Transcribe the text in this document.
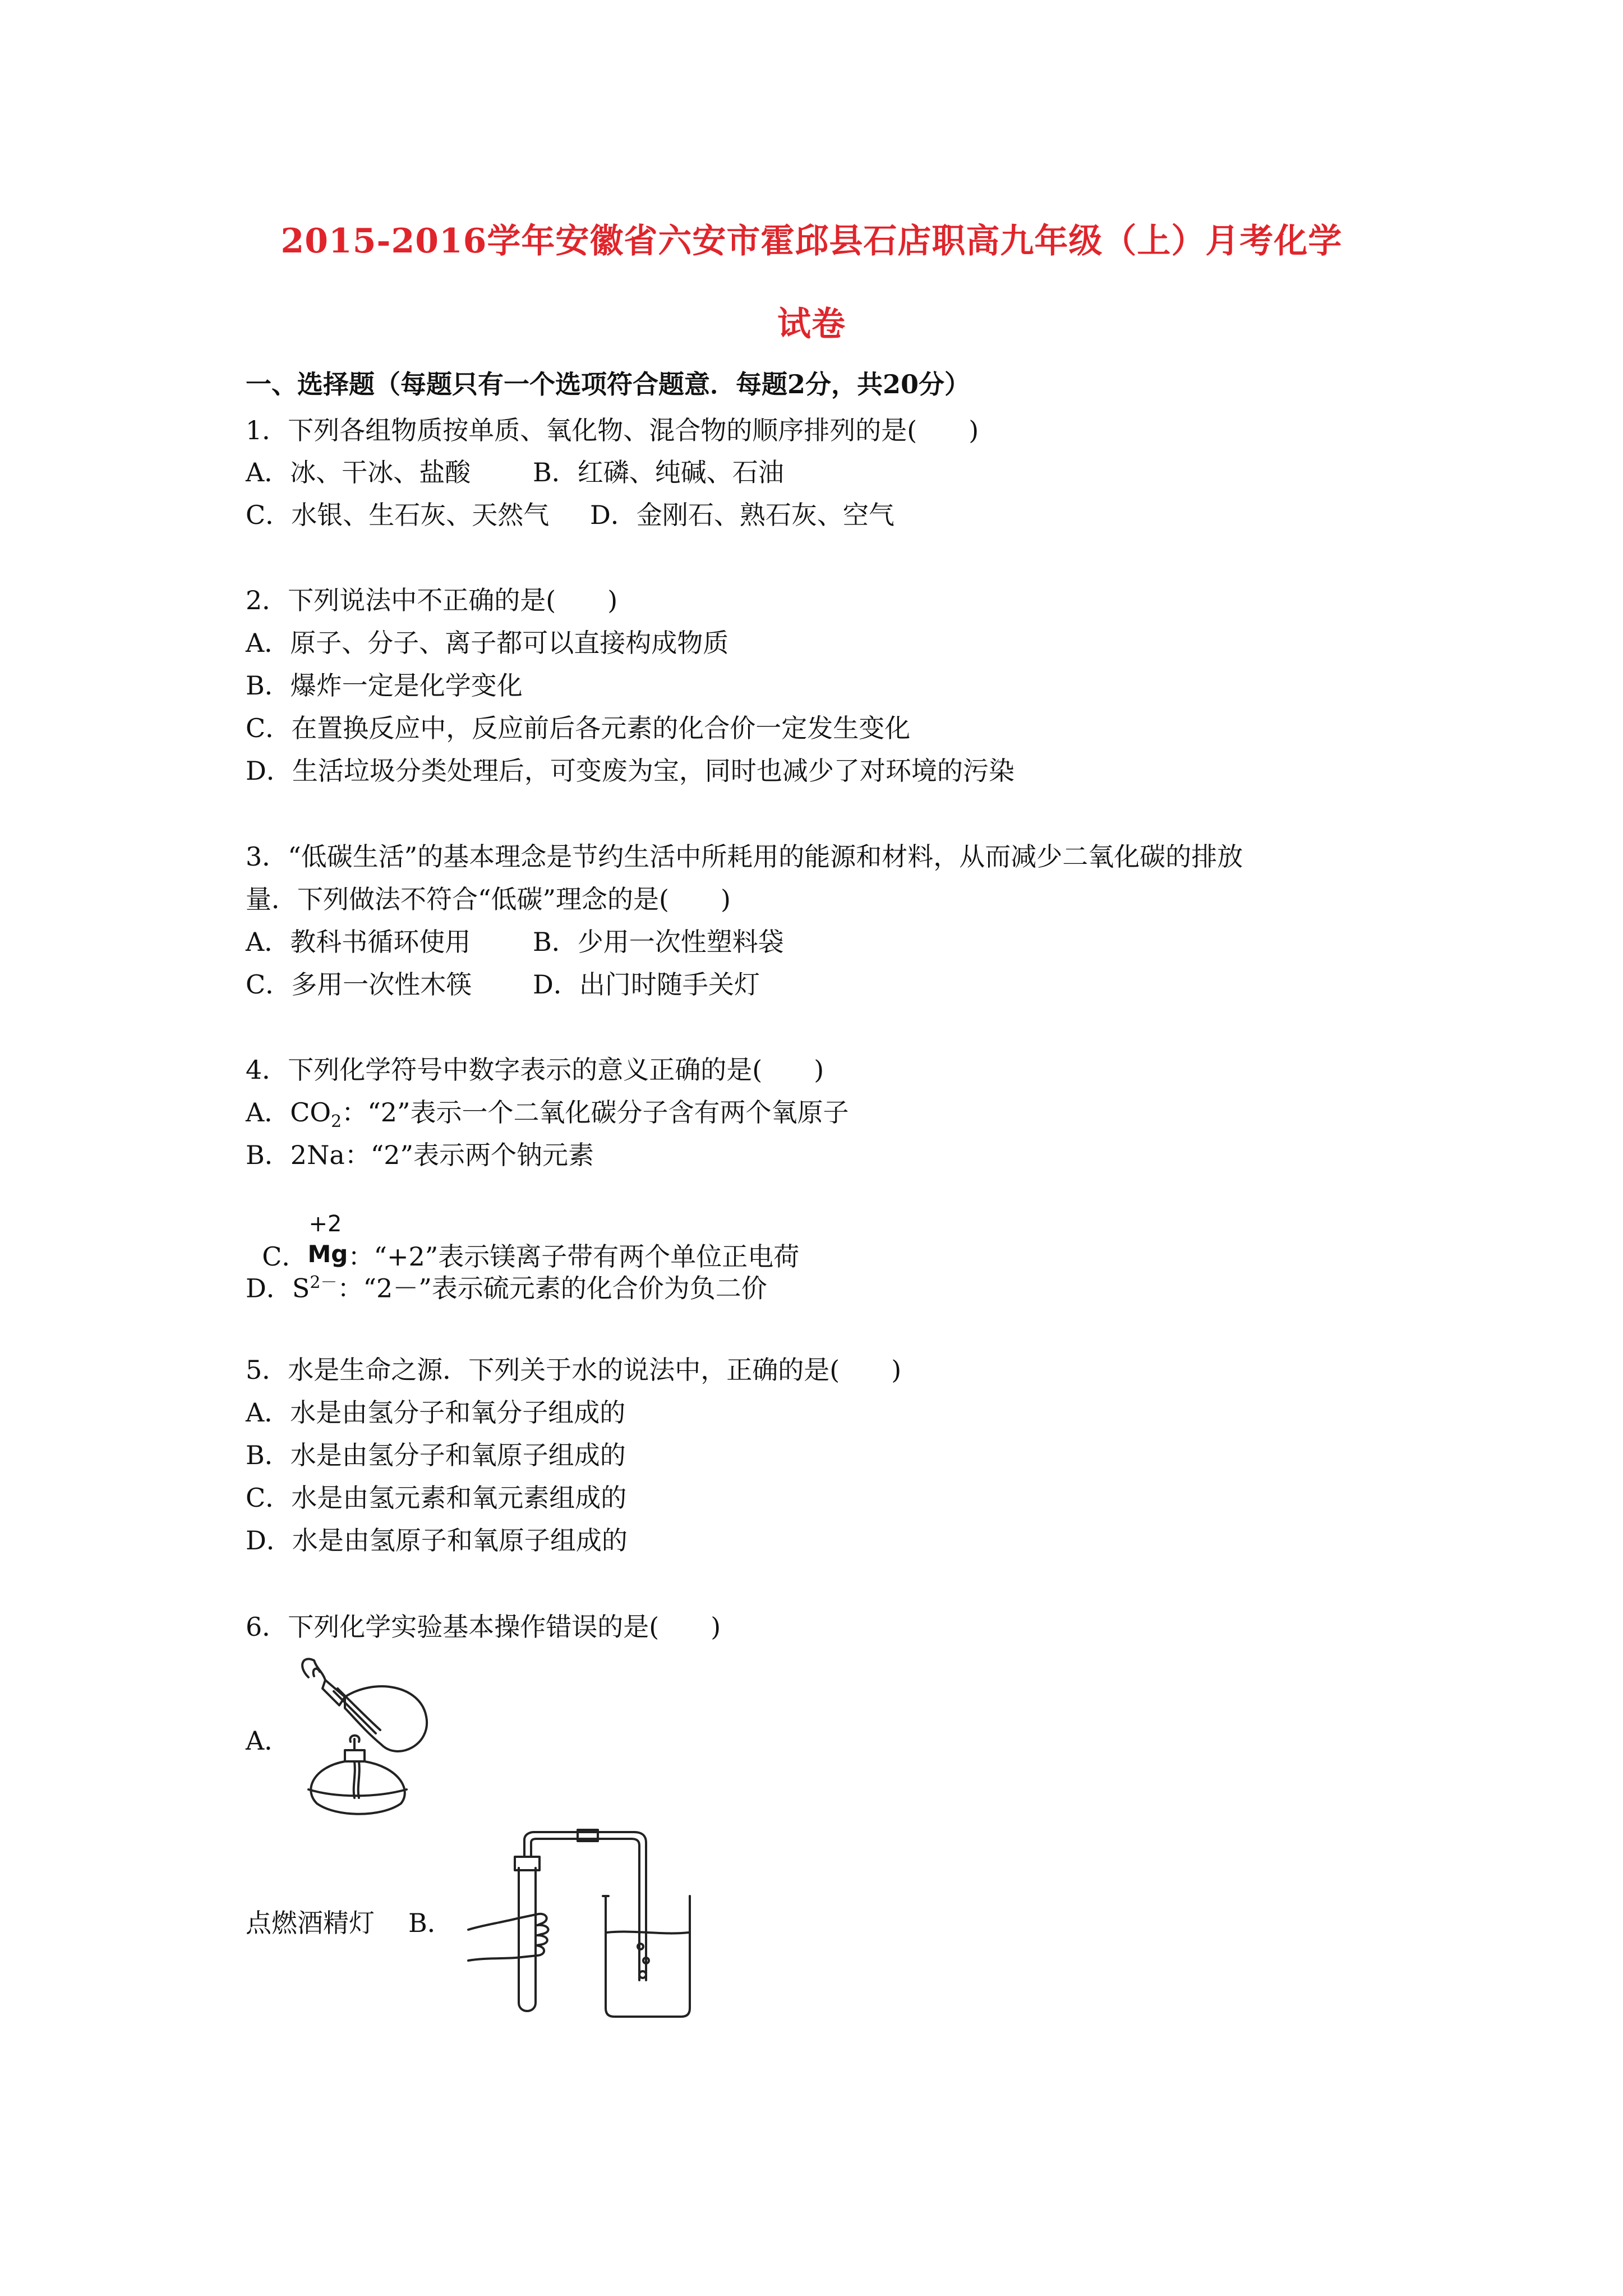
2015-2016学年安徽省六安市霍邱县石店职高九年级（上）月考化学
试卷
一、选择题（每题只有一个选项符合题意．每题2分，共20分）
1．下列各组物质按单质、氧化物、混合物的顺序排列的是(　　)
A．冰、干冰、盐酸 B．红磷、纯碱、石油
C．水银、生石灰、天然气 D．金刚石、熟石灰、空气
2．下列说法中不正确的是(　　)
A．原子、分子、离子都可以直接构成物质
B．爆炸一定是化学变化
C．在置换反应中，反应前后各元素的化合价一定发生变化
D．生活垃圾分类处理后，可变废为宝，同时也减少了对环境的污染
3．“低碳生活”的基本理念是节约生活中所耗用的能源和材料，从而减少二氧化碳的排放
量．下列做法不符合“低碳”理念的是(　　)
A．教科书循环使用 B．少用一次性塑料袋
C．多用一次性木筷 D．出门时随手关灯
4．下列化学符号中数字表示的意义正确的是(　　)
A．$CO_2$：“2”表示一个二氧化碳分子含有两个氧原子
B．2Na：“2”表示两个钠元素

C．

+2

Mg ：“+2”表示镁离子带有两个单位正电荷

D．$S^{2-}$：“2－”表示硫元素的化合价为负二价
5．水是生命之源．下列关于水的说法中，正确的是(　　)
A．水是由氢分子和氧分子组成的
B．水是由氢分子和氧原子组成的
C．水是由氢元素和氧元素组成的
D．水是由氢原子和氧原子组成的
6．下列化学实验基本操作错误的是(　　)
A．
点燃酒精灯 B．
